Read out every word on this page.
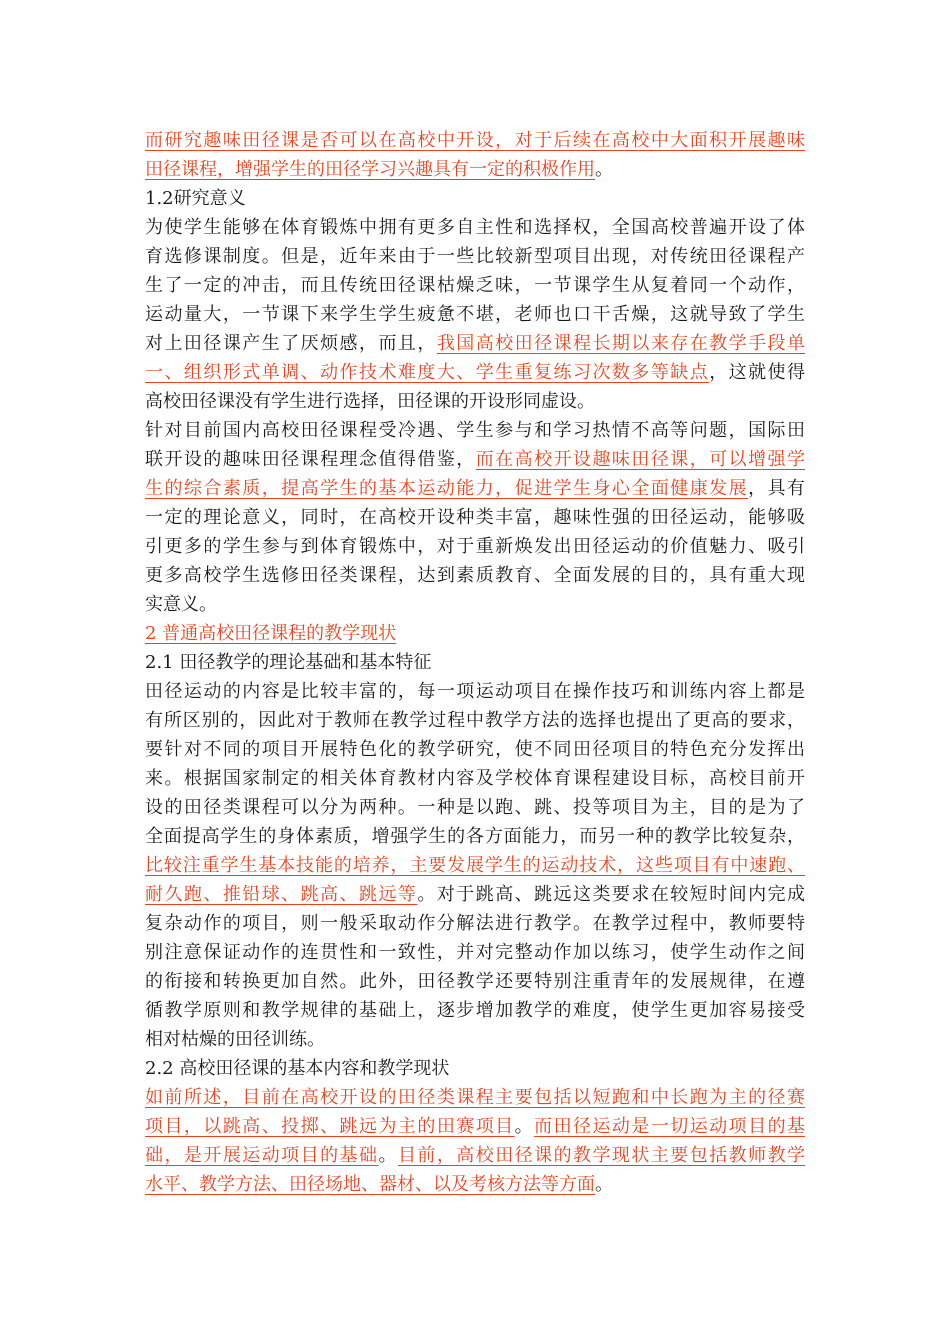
而研究趣味田径课是否可以在高校中开设，对于后续在高校中大面积开展趣味
田径课程，增强学生的田径学习兴趣具有一定的积极作用。
1.2研究意义
为使学生能够在体育锻炼中拥有更多自主性和选择权，全国高校普遍开设了体
育选修课制度。但是，近年来由于一些比较新型项目出现，对传统田径课程产
生了一定的冲击，而且传统田径课枯燥乏味，一节课学生从复着同一个动作，
运动量大，一节课下来学生学生疲惫不堪，老师也口干舌燥，这就导致了学生
对上田径课产生了厌烦感，而且，我国高校田径课程长期以来存在教学手段单
一、组织形式单调、动作技术难度大、学生重复练习次数多等缺点，这就使得
高校田径课没有学生进行选择，田径课的开设形同虚设。
针对目前国内高校田径课程受冷遇、学生参与和学习热情不高等问题，国际田
联开设的趣味田径课程理念值得借鉴，而在高校开设趣味田径课，可以增强学
生的综合素质，提高学生的基本运动能力，促进学生身心全面健康发展，具有
一定的理论意义，同时，在高校开设种类丰富，趣味性强的田径运动，能够吸
引更多的学生参与到体育锻炼中，对于重新焕发出田径运动的价值魅力、吸引
更多高校学生选修田径类课程，达到素质教育、全面发展的目的，具有重大现
实意义。
2 普通高校田径课程的教学现状
2.1 田径教学的理论基础和基本特征
田径运动的内容是比较丰富的，每一项运动项目在操作技巧和训练内容上都是
有所区别的，因此对于教师在教学过程中教学方法的选择也提出了更高的要求，
要针对不同的项目开展特色化的教学研究，使不同田径项目的特色充分发挥出
来。根据国家制定的相关体育教材内容及学校体育课程建设目标，高校目前开
设的田径类课程可以分为两种。一种是以跑、跳、投等项目为主，目的是为了
全面提高学生的身体素质，增强学生的各方面能力，而另一种的教学比较复杂，
比较注重学生基本技能的培养，主要发展学生的运动技术，这些项目有中速跑、
耐久跑、推铅球、跳高、跳远等。对于跳高、跳远这类要求在较短时间内完成
复杂动作的项目，则一般采取动作分解法进行教学。在教学过程中，教师要特
别注意保证动作的连贯性和一致性，并对完整动作加以练习，使学生动作之间
的衔接和转换更加自然。此外，田径教学还要特别注重青年的发展规律，在遵
循教学原则和教学规律的基础上，逐步增加教学的难度，使学生更加容易接受
相对枯燥的田径训练。
2.2 高校田径课的基本内容和教学现状
如前所述，目前在高校开设的田径类课程主要包括以短跑和中长跑为主的径赛
项目，以跳高、投掷、跳远为主的田赛项目。而田径运动是一切运动项目的基
础，是开展运动项目的基础。目前，高校田径课的教学现状主要包括教师教学
水平、教学方法、田径场地、器材、以及考核方法等方面。
